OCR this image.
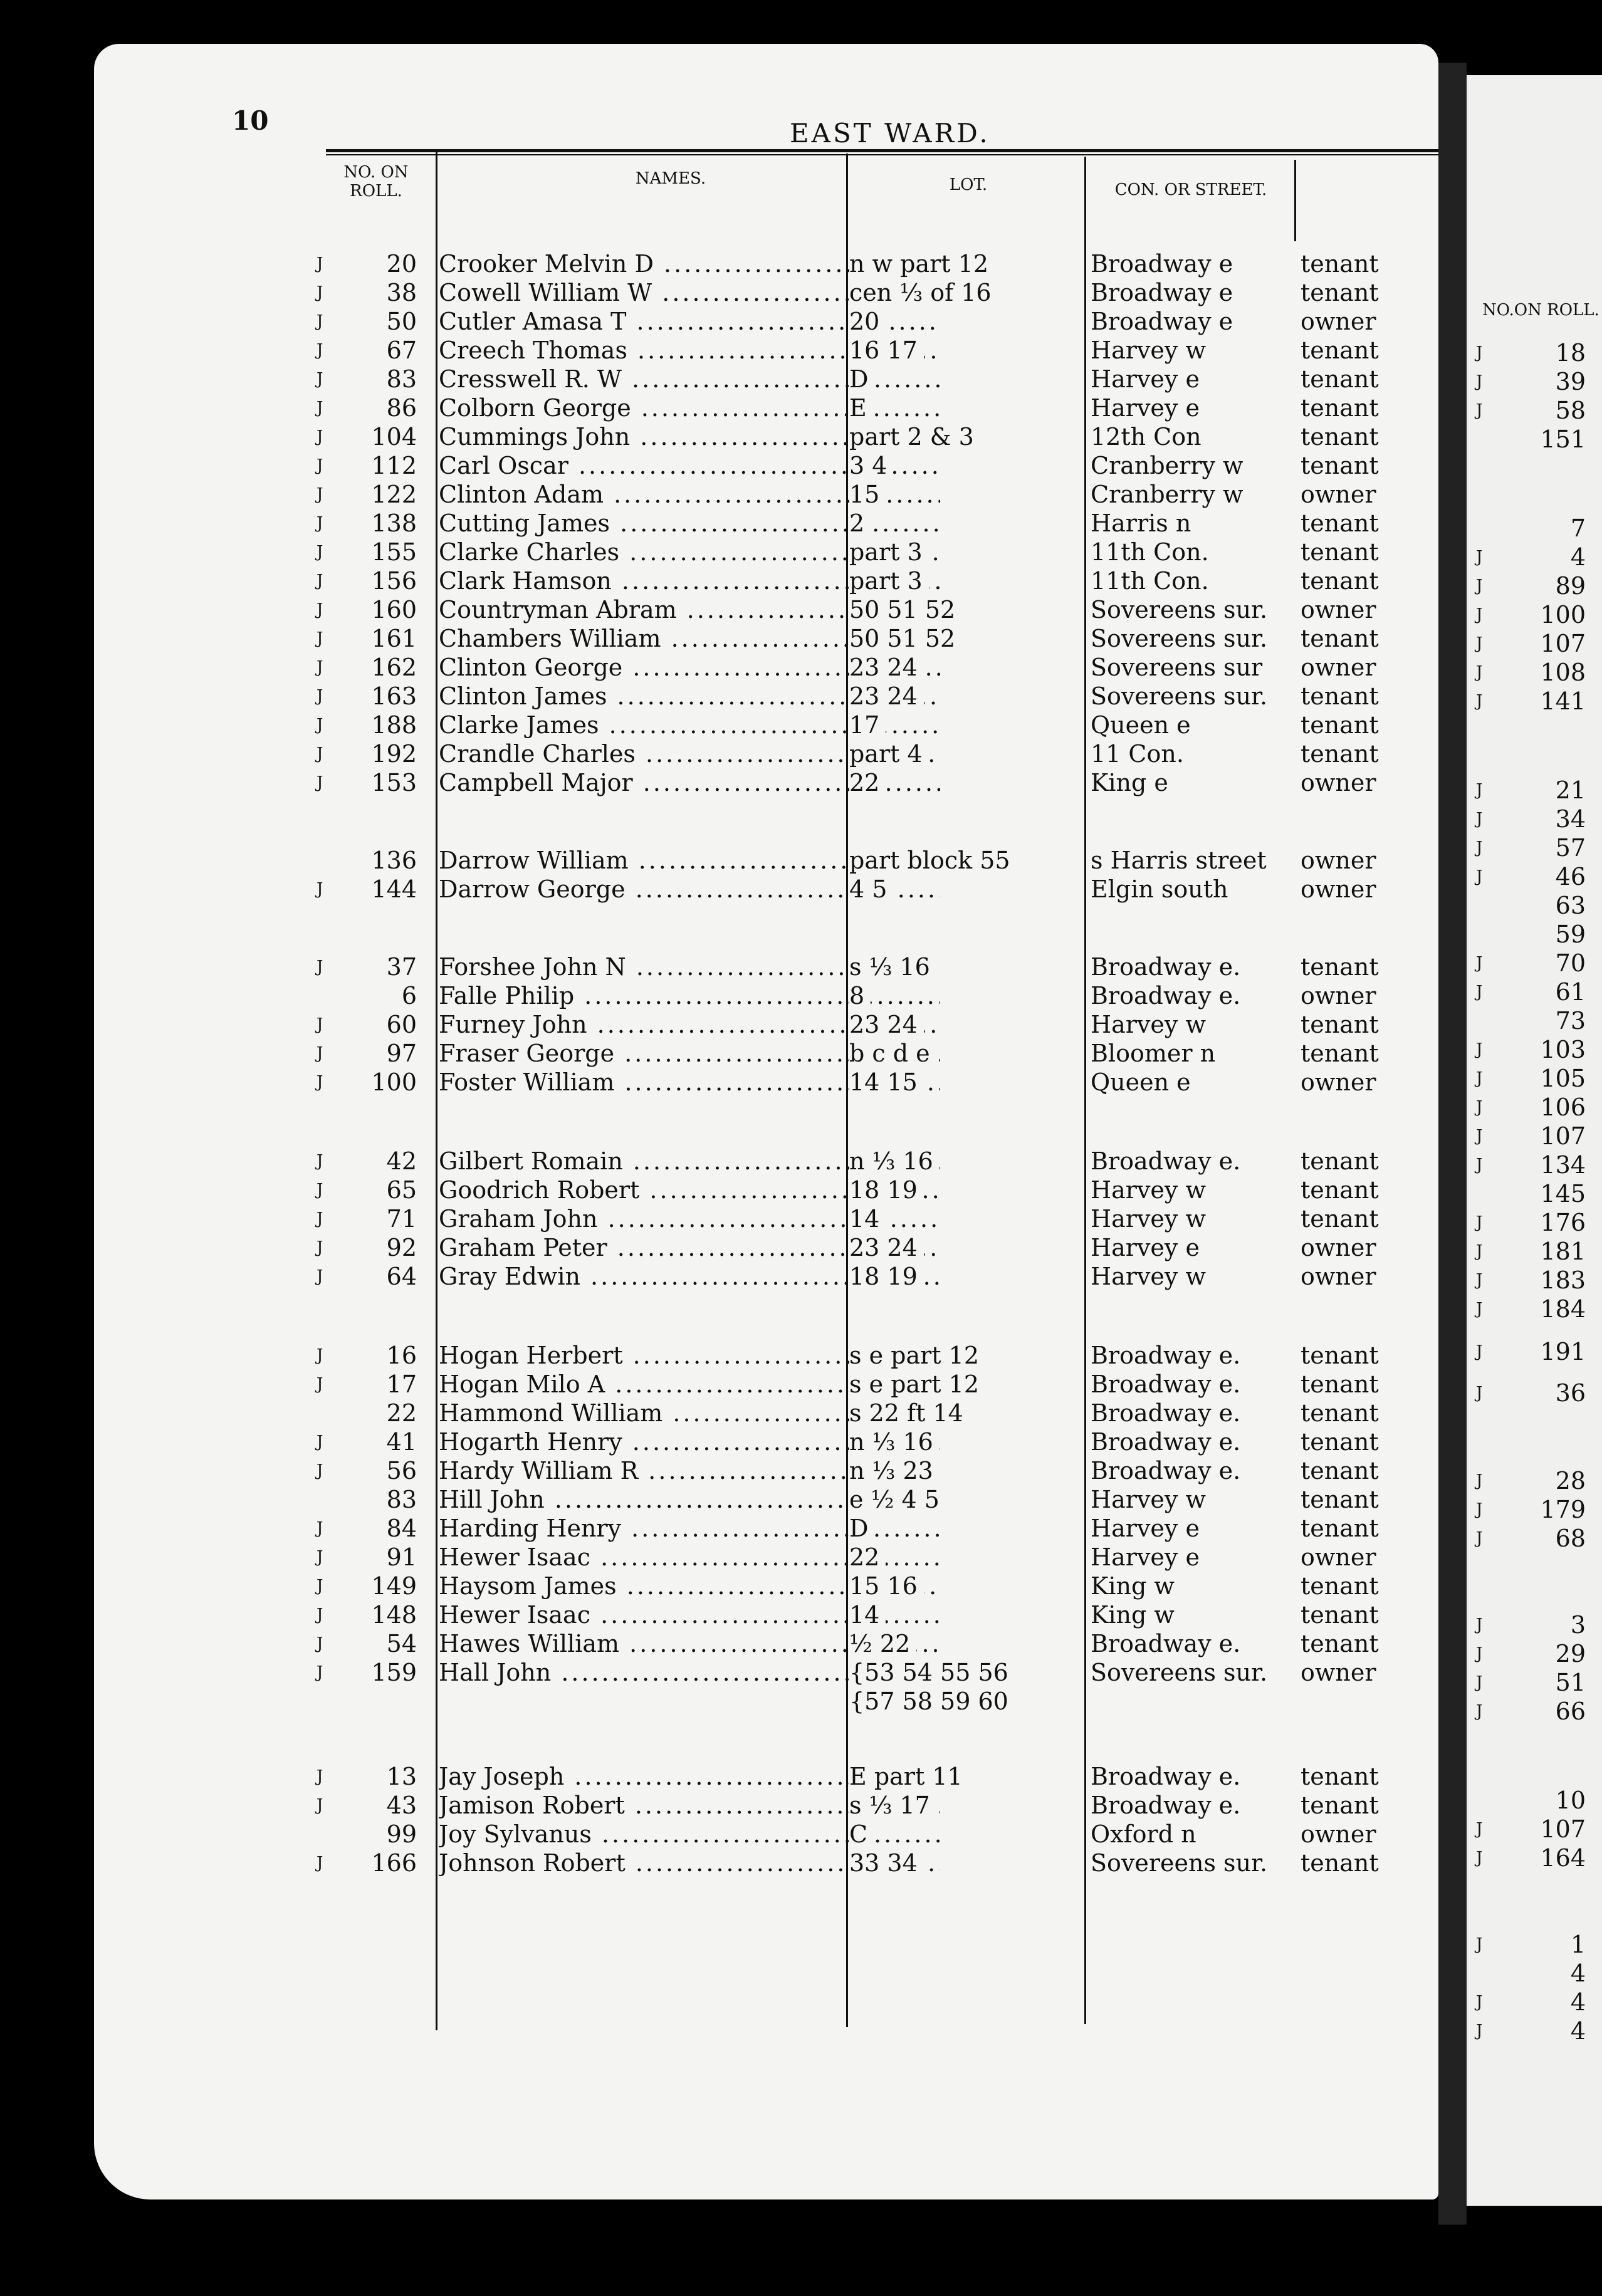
10	EAST WARD.
NO. ON ROLL.
NAMES.	LOT.	CON. OR STREET.
J	20 Crooker Melvin D .....	n w part 12	Broadway e	tenant
J	38 Cowell William W .....	cen ⅓ of 16	Broadway e	tenant
J	50 Cutler Amasa T .....	20	Broadway e	owner
J	67 Creech Thomas .....	16 17	Harvey w	tenant
J	83 Cresswell R. W .....	D	Harvey e	tenant
J	86 Colborn George .....	E	Harvey e	tenant
J	104 Cummings John .....	part 2 & 3	12th Con	tenant
J	112 Carl Oscar .....	3 4	Cranberry w tenant
J	122 Clinton Adam .....	15	Cranberry w owner
J	138 Cutting James .....	2	Harris n	tenant
J	155 Clarke Charles .....	part 3	11th Con.	tenant
J	156 Clark Hamson .....	part 3	11th Con.	tenant
J	160 Countryman Abram .....	50 51 52	Sovereens sur. owner
J	161 Chambers William .....	50 51 52	Sovereens sur. tenant
J	162 Clinton George .....	23 24	Sovereens sur owner
J	163 Clinton James .....	23 24	Sovereens sur. tenant
J	188 Clarke James .....	17	Queen e	tenant
J	192 Crandle Charles .....	part 4	11 Con.	tenant
J	153 Campbell Major .....	22	King e	owner
136 Darrow William .....	part block 55	s Harris street owner
J	144 Darrow George .....	4 5	Elgin south	owner
J	37 Forshee John N .....	s ⅓ 16	Broadway e.	tenant
6 Falle Philip .....	8	Broadway e.	owner
J	60 Furney John .....	23 24	Harvey w	tenant
J	97 Fraser George .....	b c d e	Bloomer n	tenant
J	100 Foster William .....	14 15	Queen e	owner
J	42 Gilbert Romain .....	n ⅓ 16	Broadway e.	tenant
J	65 Goodrich Robert .....	18 19	Harvey w	tenant
J	71 Graham John .....	14	Harvey w	tenant
J	92 Graham Peter .....	23 24	Harvey e	owner
J	64 Gray Edwin .....	18 19	Harvey w	owner
J	16 Hogan Herbert .....	s e part 12	Broadway e.	tenant
J	17 Hogan Milo A .....	s e part 12	Broadway e.	tenant
22 Hammond William .....	s 22 ft 14	Broadway e.	tenant
J	41 Hogarth Henry .....	n ⅓ 16	Broadway e.	tenant
J	56 Hardy William R .....	n ⅓ 23	Broadway e.	tenant
83 Hill John .....	e ½ 4 5	Harvey w	tenant
J	84 Harding Henry .....	D	Harvey e	tenant
J	91 Hewer Isaac .....	22	Harvey e	owner
J	149 Haysom James .....	15 16	King w	tenant
J	148 Hewer Isaac .....	14	King w	tenant
J	54 Hawes William .....	½ 22	Broadway e.	tenant
J	159 Hall John .....	{53 54 55 56	Sovereens sur. owner
{57 58 59 60
J	13 Jay Joseph .....	E part 11	Broadway e.	tenant
J	43 Jamison Robert .....	s ⅓ 17	Broadway e.	tenant
99 Joy Sylvanus .....	C	Oxford n	owner
J	166 Johnson Robert .....	33 34	Sovereens sur. tenant
NO.ON ROLL.
J	18
J	39
J	58
151
7
J	4
J	89
J	100
J	107
J	108
J	141
J	21
J	34
J	57
J	46
63
59
J	70
J	61
73
J	103
J	105
J	106
J	107
J	134
145
J	176
J	181
J	183
J	184
J	191
J	36
J	28
J	179
J	68
J	3
J	29
J	51
J	66
10
J	107
J	164
J	1
4
J	4
J	4
